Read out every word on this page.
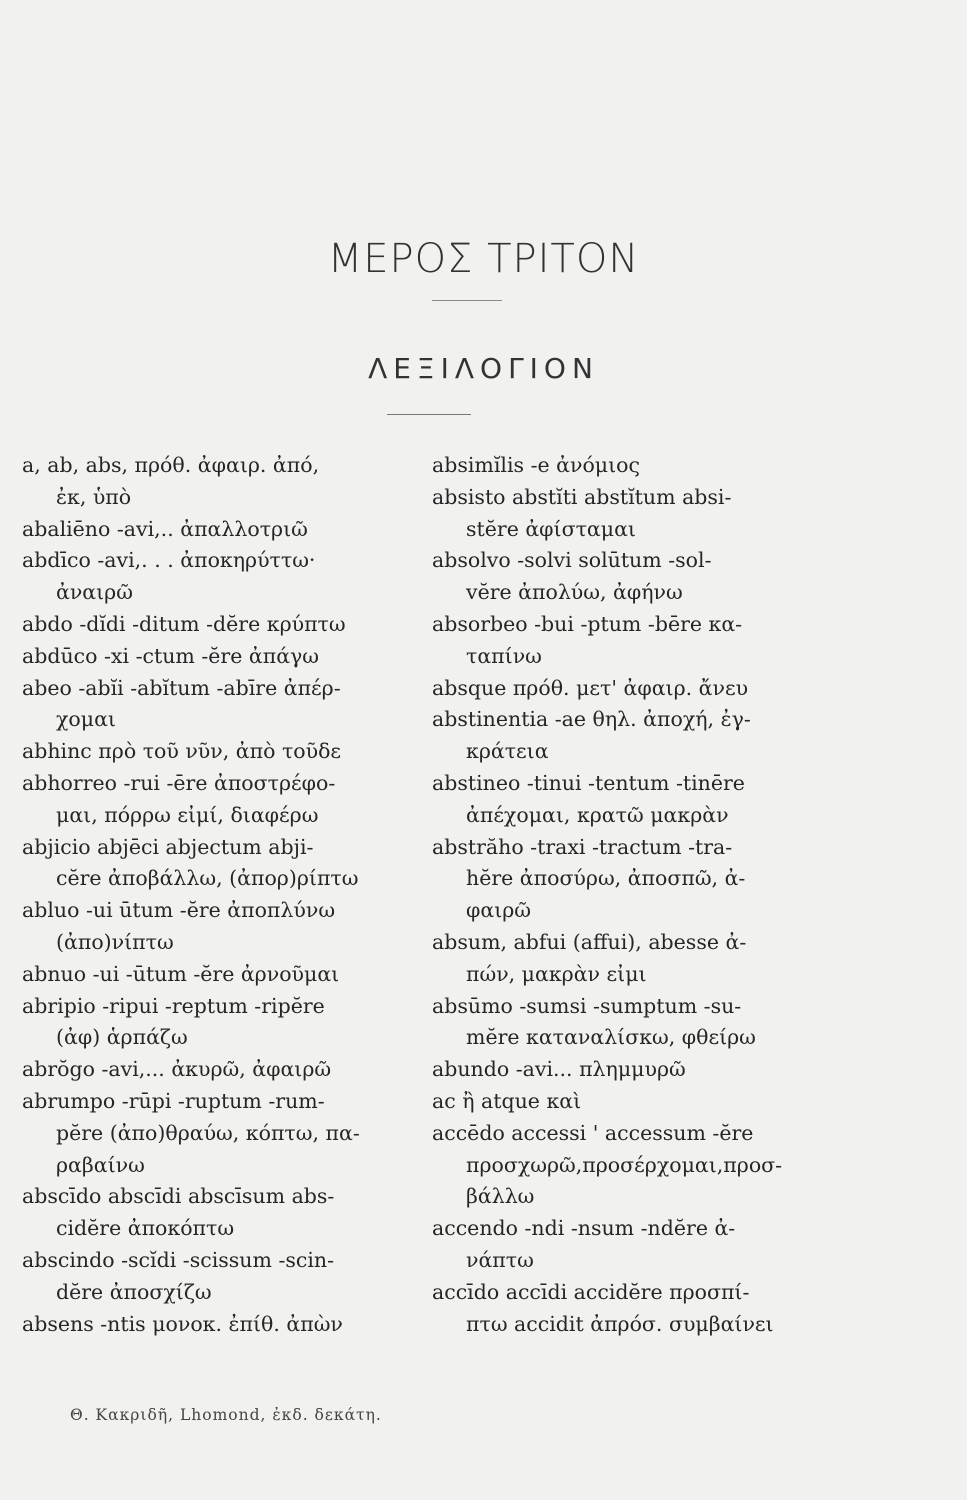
ΜΕΡΟΣ ΤΡΙΤΟΝ
ΛΕΞΙΛΟΓΙΟΝ
a, ab, abs, πρόθ. ἀφαιρ. ἀπό,
ἐκ, ὑπὸ
abaliēno -avi,.. ἀπαλλοτριῶ
abdīco -avi,. . . ἀποκηρύττω·
ἀναιρῶ
abdo -dĭdi -ditum -dĕre κρύπτω
abdūco -xi -ctum -ĕre ἀπάγω
abeo -abĭi -abĭtum -abīre ἀπέρ-
χομαι
abhinc πρὸ τοῦ νῦν, ἀπὸ τοῦδε
abhorreo -rui -ēre ἀποστρέφο-
μαι, πόρρω εἰμί, διαφέρω
abjicio abjēci abjectum abji-
cĕre ἀποβάλλω, (ἀπορ)ρίπτω
abluo -ui ūtum -ĕre ἀποπλύνω
(ἀπο)νίπτω
abnuo -ui -ūtum -ĕre ἀρνοῦμαι
abripio -ripui -reptum -ripĕre
(ἀφ) ἁρπάζω
abrŏgo -avi,... ἀκυρῶ, ἀφαιρῶ
abrumpo -rūpi -ruptum -rum-
pĕre (ἀπο)θραύω, κόπτω, πα-
ραβαίνω
abscīdo abscīdi abscīsum abs-
cidĕre ἀποκόπτω
abscindo -scĭdi -scissum -scin-
dĕre ἀποσχίζω
absens -ntis μονοκ. ἐπίθ. ἀπὼν
absimĭlis -e ἀνόμιος
absisto abstĭti abstĭtum absi-
stĕre ἀφίσταμαι
absolvo -solvi solūtum -sol-
vĕre ἀπολύω, ἀφήνω
absorbeo -bui -ptum -bēre κα-
ταπίνω
absque πρόθ. μετ' ἀφαιρ. ἄνευ
abstinentia -ae θηλ. ἀποχή, ἐγ-
κράτεια
abstineo -tinui -tentum -tinēre
ἀπέχομαι, κρατῶ μακρὰν
abstrăho -traxi -tractum -tra-
hĕre ἀποσύρω, ἀποσπῶ, ἀ-
φαιρῶ
absum, abfui (affui), abesse ἀ-
πών, μακρὰν εἰμι
absūmo -sumsi -sumptum -su-
mĕre καταναλίσκω, φθείρω
abundo -avi... πλημμυρῶ
ac ἢ atque καὶ
accēdo accessi ' accessum -ĕre
προσχωρῶ,προσέρχομαι,προσ-
βάλλω
accendo -ndi -nsum -ndĕre ἀ-
νάπτω
accīdo accīdi accidĕre προσπί-
πτω accidit ἀπρόσ. συμβαίνει
Θ. Κακριδῆ, Lhomond, ἐκδ. δεκάτη.
